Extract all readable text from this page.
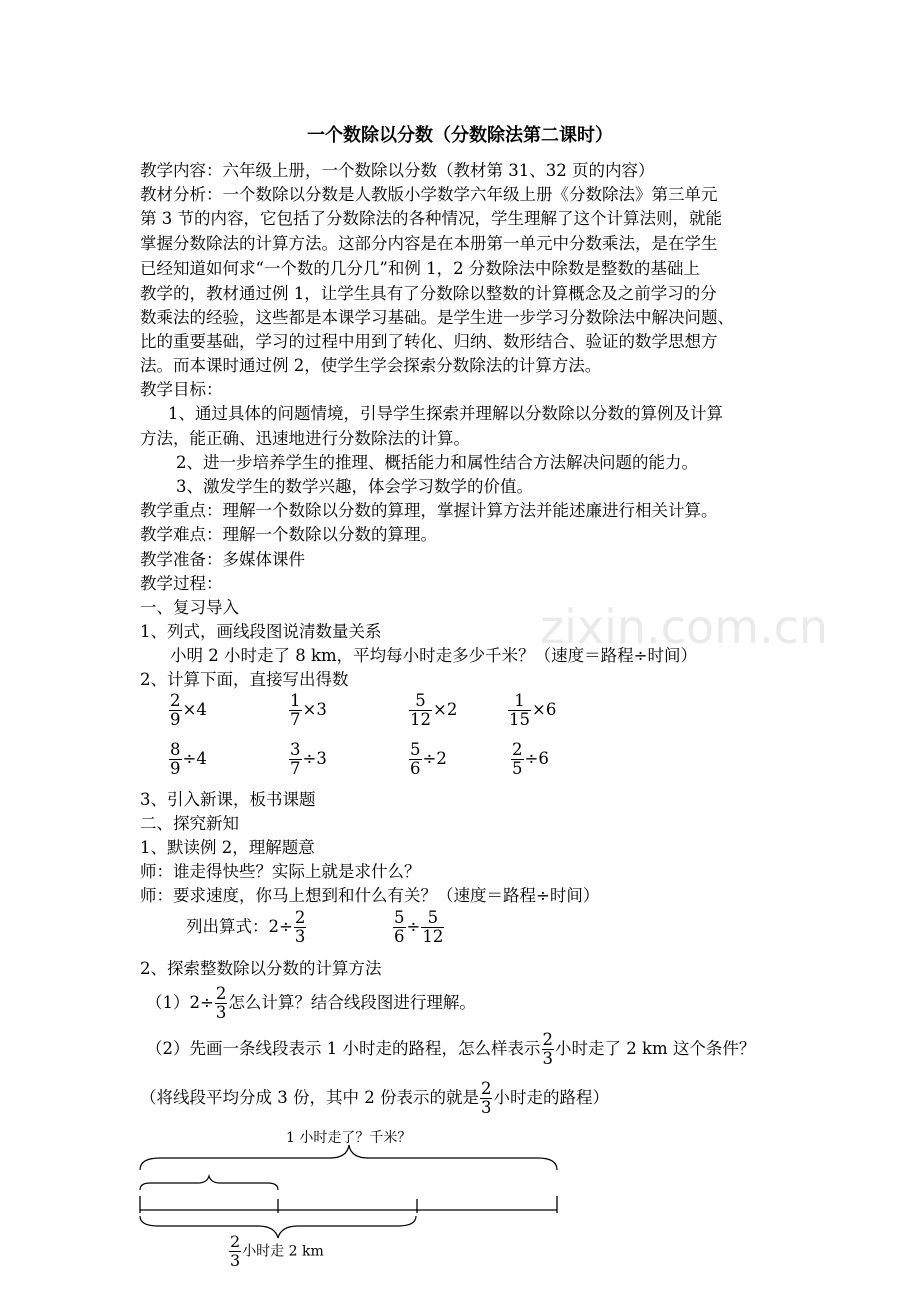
zixin.com.cn
一个数除以分数（分数除法第二课时）
教学内容：六年级上册，一个数除以分数（教材第 31、32 页的内容）
教材分析：一个数除以分数是人教版小学数学六年级上册《分数除法》第三单元
第 3 节的内容，它包括了分数除法的各种情况，学生理解了这个计算法则，就能
掌握分数除法的计算方法。这部分内容是在本册第一单元中分数乘法，是在学生
已经知道如何求“一个数的几分几”和例 1，2 分数除法中除数是整数的基础上
教学的，教材通过例 1，让学生具有了分数除以整数的计算概念及之前学习的分
数乘法的经验，这些都是本课学习基础。是学生进一步学习分数除法中解决问题、
比的重要基础，学习的过程中用到了转化、归纳、数形结合、验证的数学思想方
法。而本课时通过例 2，使学生学会探索分数除法的计算方法。
教学目标：
1、通过具体的问题情境，引导学生探索并理解以分数除以分数的算例及计算
方法，能正确、迅速地进行分数除法的计算。
2、进一步培养学生的推理、概括能力和属性结合方法解决问题的能力。
3、激发学生的数学兴趣，体会学习数学的价值。
教学重点：理解一个数除以分数的算理，掌握计算方法并能述廉进行相关计算。
教学难点：理解一个数除以分数的算理。
教学准备：多媒体课件
教学过程：
一、复习导入
1、列式，画线段图说清数量关系
小明 2 小时走了 8 km，平均每小时走多少千米？（速度＝路程÷时间）
2、计算下面，直接写出得数
$\frac{2}{9} \times 4$	$\frac{1}{7} \times 3$	$\frac{5}{12} \times 2$	$\frac{1}{15} \times 6$
$\frac{8}{9} \div 4$	$\frac{3}{7} \div 3$	$\frac{5}{6} \div 2$	$\frac{2}{5} \div 6$
3、引入新课，板书课题
二、探究新知
1、默读例 2，理解题意
师：谁走得快些？实际上就是求什么？
师：要求速度，你马上想到和什么有关？（速度＝路程÷时间）
列出算式：$2\div \frac{2}{3}$	$\frac{5}{6} \div \frac{5}{12}$
2、探索整数除以分数的计算方法
$(1)2\div \frac{2}{3}$ 怎么计算？结合线段图进行理解。
（2）先画一条线段表示 1 小时走的路程，怎么样表示 $\frac{2}{3}$ 小时走了 2 km 这个条件？
（将线段平均分成 3 份，其中 2 份表示的就是 $\frac{2}{3}$ 小时走的路程）
1 小时走了？千米？
$\frac{2}{3}$ 小时走 2 km
